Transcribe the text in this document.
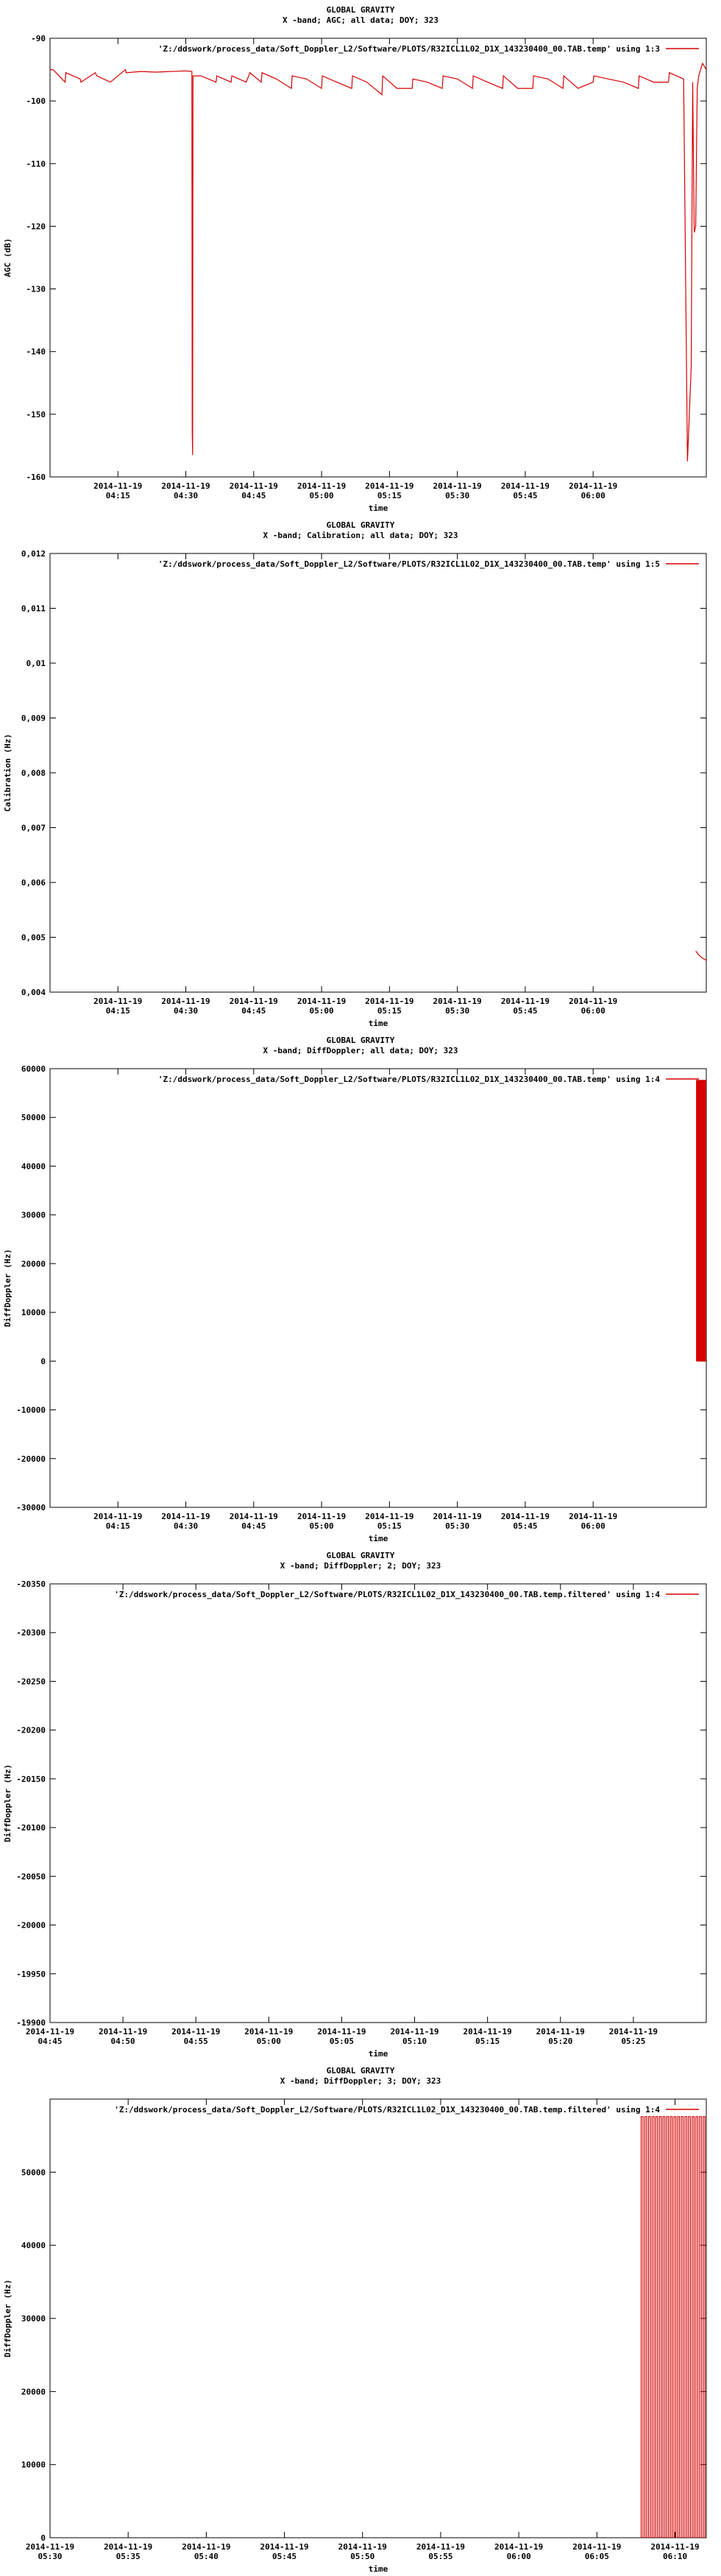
GLOBAL GRAVITY
X -band; AGC; all data; DOY; 323
-160
-150
-140
-130
-120
-110
-100
-90
2014-11-19
04:15
2014-11-19
04:30
2014-11-19
04:45
2014-11-19
05:00
2014-11-19
05:15
2014-11-19
05:30
2014-11-19
05:45
2014-11-19
06:00
time
AGC (dB)
'Z:/ddswork/process_data/Soft_Doppler_L2/Software/PLOTS/R32ICL1L02_D1X_143230400_00.TAB.temp' using 1:3
GLOBAL GRAVITY
X -band; Calibration; all data; DOY; 323
0,004
0,005
0,006
0,007
0,008
0,009
0,01
0,011
0,012
2014-11-19
04:15
2014-11-19
04:30
2014-11-19
04:45
2014-11-19
05:00
2014-11-19
05:15
2014-11-19
05:30
2014-11-19
05:45
2014-11-19
06:00
time
Calibration (Hz)
'Z:/ddswork/process_data/Soft_Doppler_L2/Software/PLOTS/R32ICL1L02_D1X_143230400_00.TAB.temp' using 1:5
GLOBAL GRAVITY
X -band; DiffDoppler; all data; DOY; 323
-30000
-20000
-10000
0
10000
20000
30000
40000
50000
60000
2014-11-19
04:15
2014-11-19
04:30
2014-11-19
04:45
2014-11-19
05:00
2014-11-19
05:15
2014-11-19
05:30
2014-11-19
05:45
2014-11-19
06:00
time
DiffDoppler (Hz)
'Z:/ddswork/process_data/Soft_Doppler_L2/Software/PLOTS/R32ICL1L02_D1X_143230400_00.TAB.temp' using 1:4
GLOBAL GRAVITY
X -band; DiffDoppler; 2; DOY; 323
-19900
-19950
-20000
-20050
-20100
-20150
-20200
-20250
-20300
-20350
2014-11-19
04:45
2014-11-19
04:50
2014-11-19
04:55
2014-11-19
05:00
2014-11-19
05:05
2014-11-19
05:10
2014-11-19
05:15
2014-11-19
05:20
2014-11-19
05:25
time
DiffDoppler (Hz)
'Z:/ddswork/process_data/Soft_Doppler_L2/Software/PLOTS/R32ICL1L02_D1X_143230400_00.TAB.temp.filtered' using 1:4
GLOBAL GRAVITY
X -band; DiffDoppler; 3; DOY; 323
0
10000
20000
30000
40000
50000
2014-11-19
05:30
2014-11-19
05:35
2014-11-19
05:40
2014-11-19
05:45
2014-11-19
05:50
2014-11-19
05:55
2014-11-19
06:00
2014-11-19
06:05
2014-11-19
06:10
time
DiffDoppler (Hz)
'Z:/ddswork/process_data/Soft_Doppler_L2/Software/PLOTS/R32ICL1L02_D1X_143230400_00.TAB.temp.filtered' using 1:4
